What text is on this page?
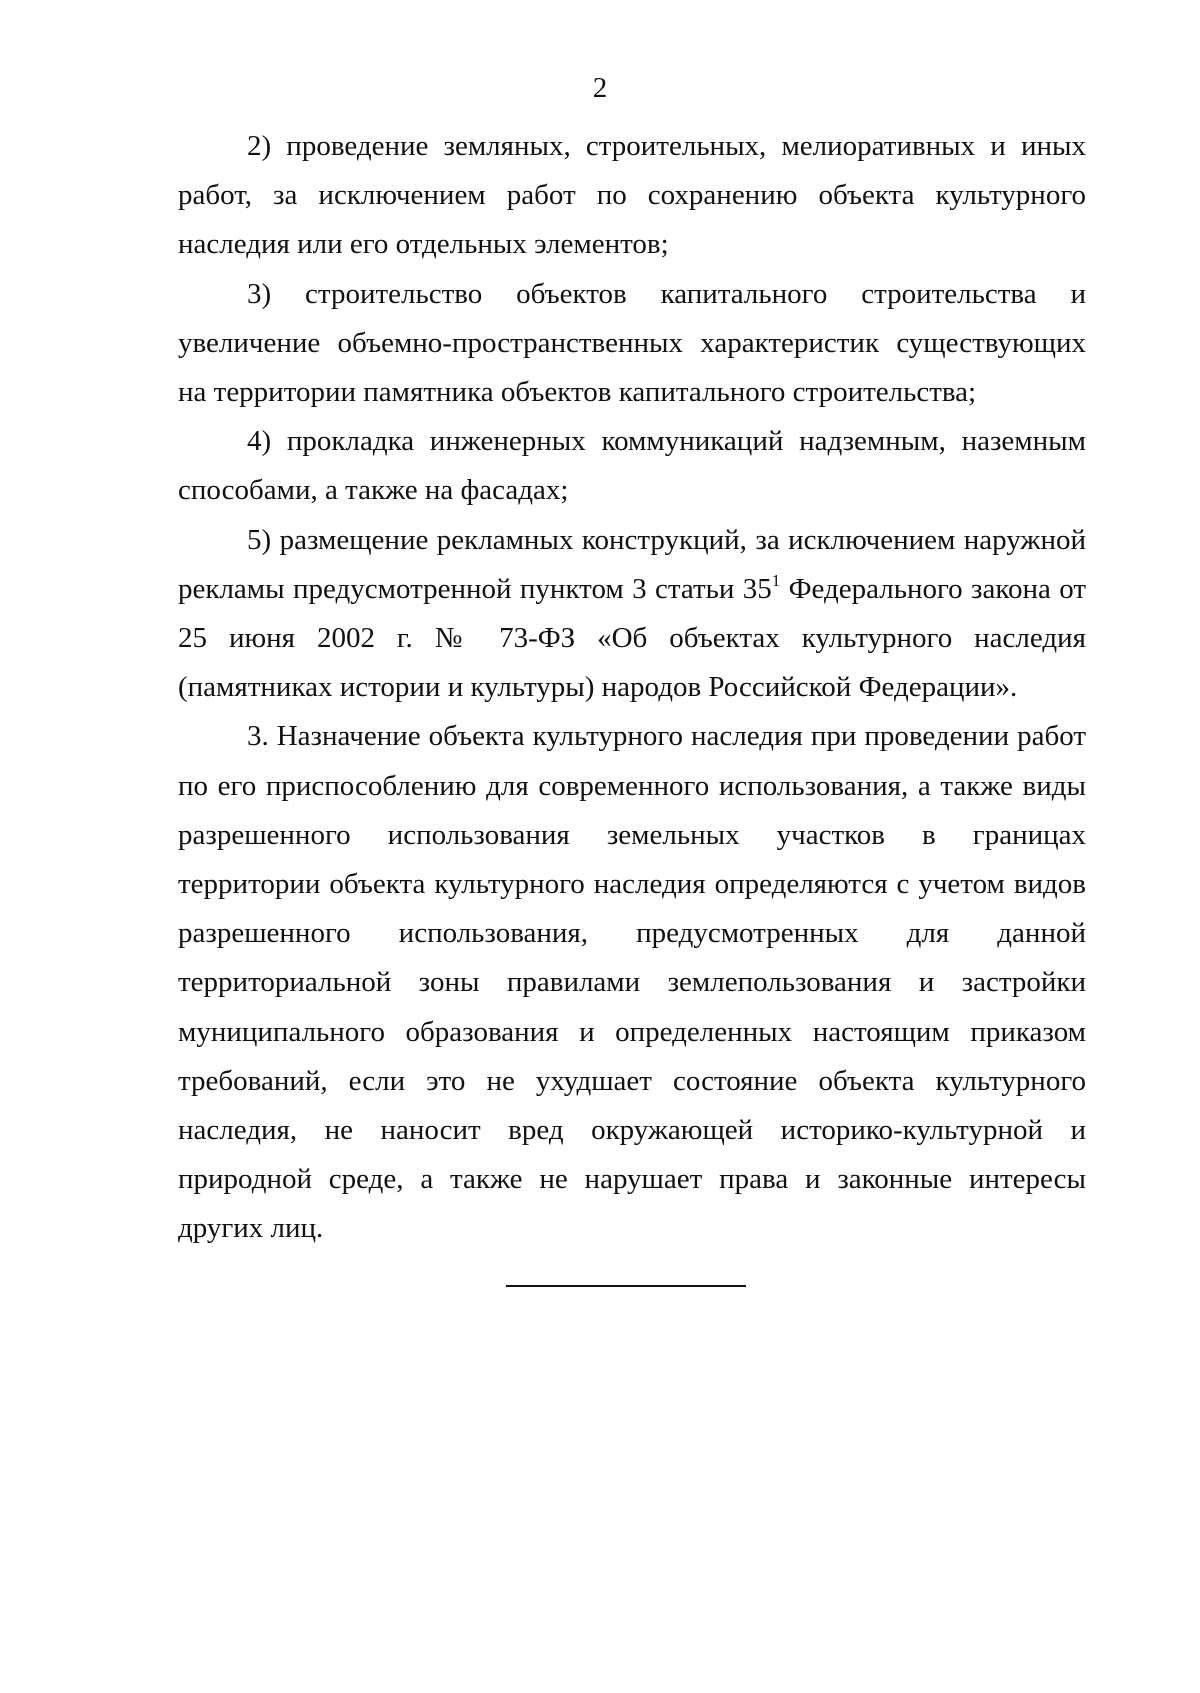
2

2) проведение земляных, строительных, мелиоративных и иных работ, за исключением работ по сохранению объекта культурного наследия или его отдельных элементов;

3) строительство объектов капитального строительства и увеличение объемно-пространственных характеристик существующих на территории памятника объектов капитального строительства;

4) прокладка инженерных коммуникаций надземным, наземным способами, а также на фасадах;

5) размещение рекламных конструкций, за исключением наружной рекламы предусмотренной пунктом 3 статьи $35^1$ Федерального закона от 25 июня 2002 г. № 73-ФЗ «Об объектах культурного наследия (памятниках истории и культуры) народов Российской Федерации».

3. Назначение объекта культурного наследия при проведении работ по его приспособлению для современного использования, а также виды разрешенного использования земельных участков в границах территории объекта культурного наследия определяются с учетом видов разрешенного использования, предусмотренных для данной территориальной зоны правилами землепользования и застройки муниципального образования и определенных настоящим приказом требований, если это не ухудшает состояние объекта культурного наследия, не наносит вред окружающей историко-культурной и природной среде, а также не нарушает права и законные интересы других лиц.
